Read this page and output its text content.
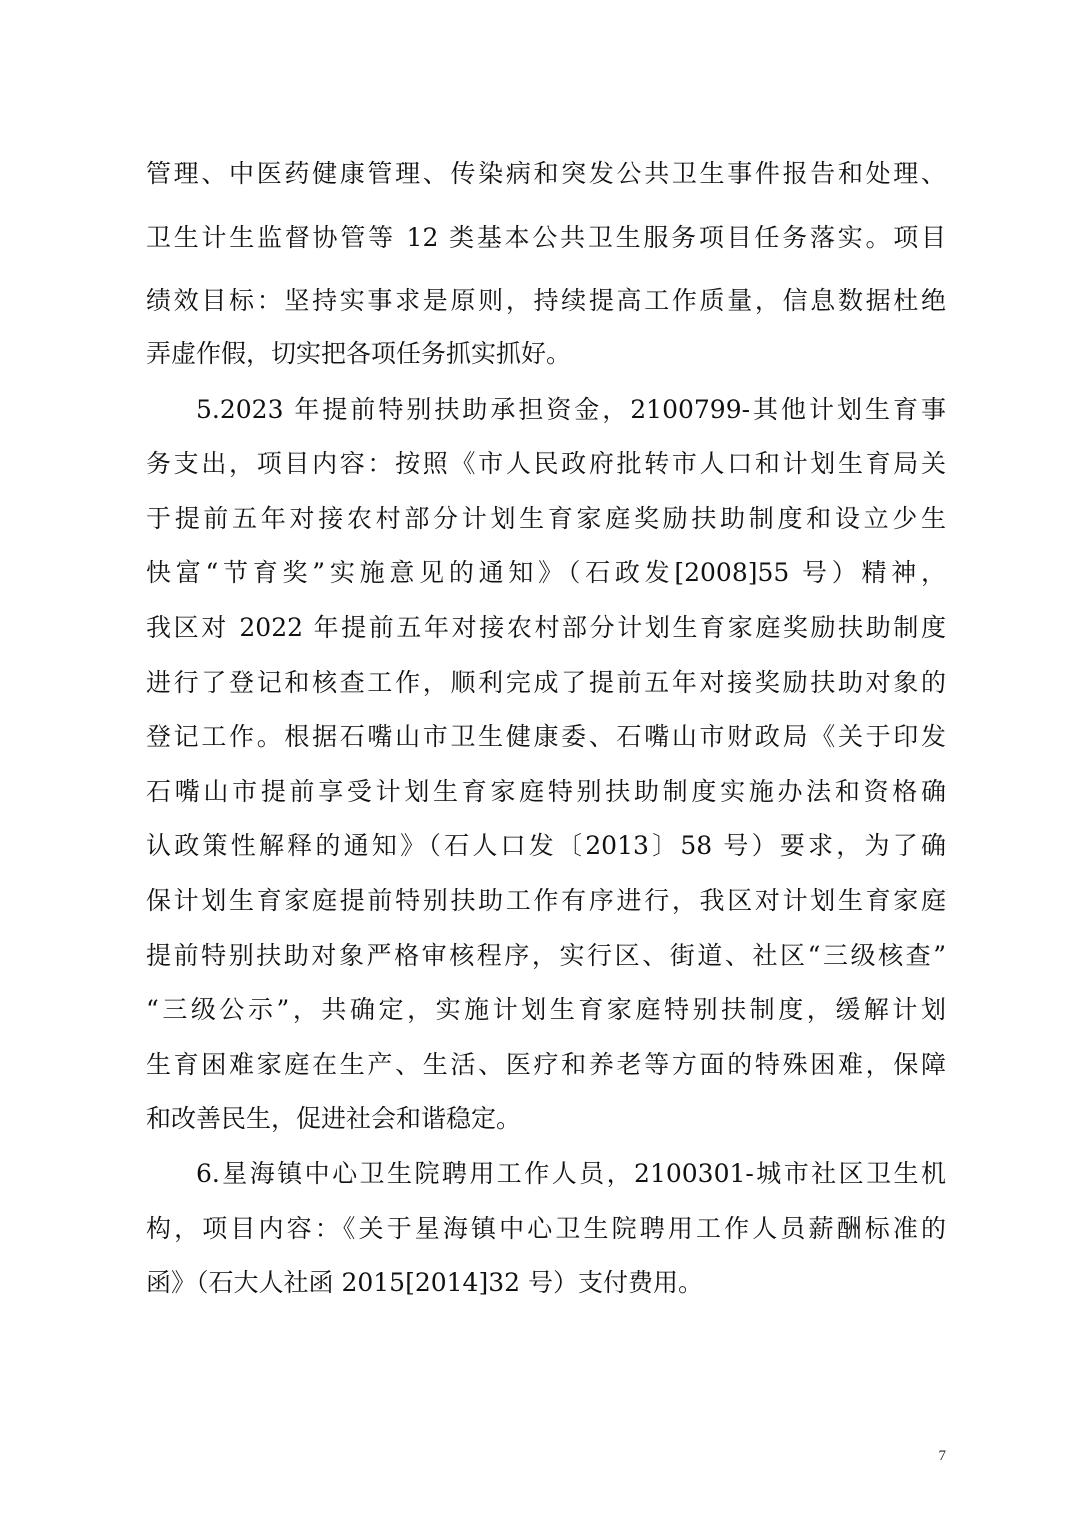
管理、中医药健康管理、传染病和突发公共卫生事件报告和处理、
卫生计生监督协管等 12 类基本公共卫生服务项目任务落实。项目
绩效目标：坚持实事求是原则，持续提高工作质量，信息数据杜绝
弄虚作假，切实把各项任务抓实抓好。
5.2023 年提前特别扶助承担资金，2100799-其他计划生育事
务支出，项目内容：按照《市人民政府批转市人口和计划生育局关
于提前五年对接农村部分计划生育家庭奖励扶助制度和设立少生
快富“节育奖”实施意见的通知》（石政发[2008]55 号）精神，
我区对 2022 年提前五年对接农村部分计划生育家庭奖励扶助制度
进行了登记和核查工作，顺利完成了提前五年对接奖励扶助对象的
登记工作。根据石嘴山市卫生健康委、石嘴山市财政局《关于印发
石嘴山市提前享受计划生育家庭特别扶助制度实施办法和资格确
认政策性解释的通知》（石人口发〔2013〕58 号）要求，为了确
保计划生育家庭提前特别扶助工作有序进行，我区对计划生育家庭
提前特别扶助对象严格审核程序，实行区、街道、社区“三级核查”
“三级公示”，共确定，实施计划生育家庭特别扶制度，缓解计划
生育困难家庭在生产、生活、医疗和养老等方面的特殊困难，保障
和改善民生，促进社会和谐稳定。
6.星海镇中心卫生院聘用工作人员，2100301-城市社区卫生机
构，项目内容：《关于星海镇中心卫生院聘用工作人员薪酬标准的
函》（石大人社函 2015[2014]32 号）支付费用。
7
